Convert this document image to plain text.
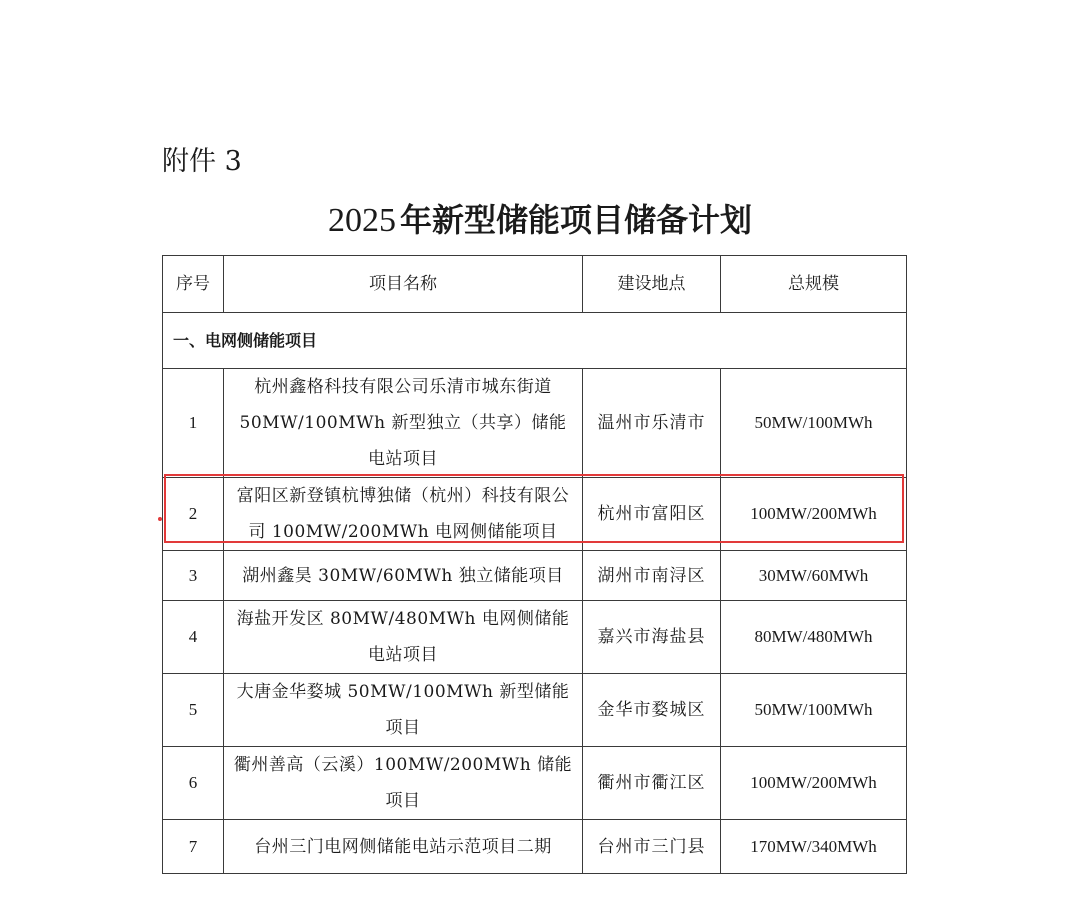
附件 3
2025 年新型储能项目储备计划
序号	项目名称	建设地点	总规模
一、电网侧储能项目			
1	杭州鑫格科技有限公司乐清市城东街道 50MW/100MWh 新型独立（共享）储能电站项目	温州市乐清市	50MW/100MWh
2	富阳区新登镇杭博独储（杭州）科技有限公司 100MW/200MWh 电网侧储能项目	杭州市富阳区	100MW/200MWh
3	湖州鑫昊 30MW/60MWh 独立储能项目	湖州市南浔区	30MW/60MWh
4	海盐开发区 80MW/480MWh 电网侧储能电站项目	嘉兴市海盐县	80MW/480MWh
5	大唐金华婺城 50MW/100MWh 新型储能项目	金华市婺城区	50MW/100MWh
6	衢州善高（云溪）100MW/200MWh 储能项目	衢州市衢江区	100MW/200MWh
7	台州三门电网侧储能电站示范项目二期	台州市三门县	170MW/340MWh
